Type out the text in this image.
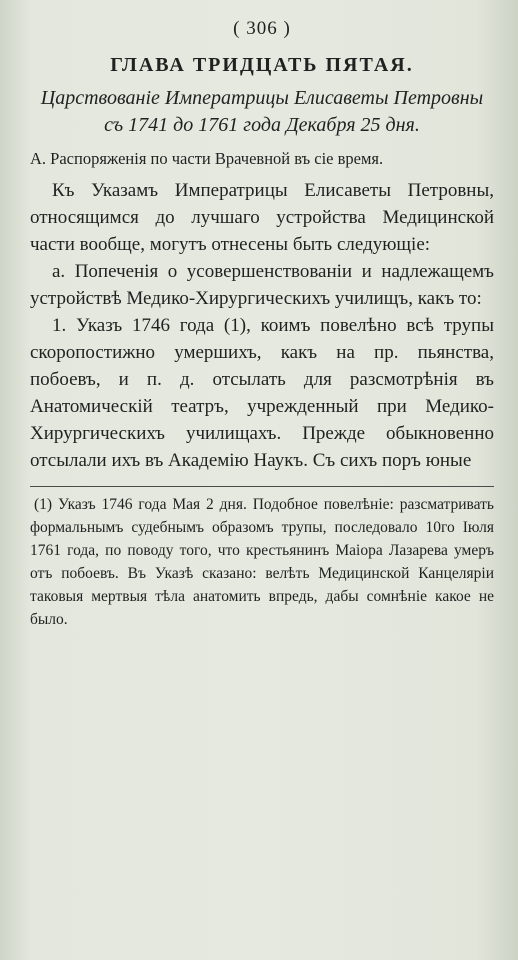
( 306 )

ГЛАВА ТРИДЦАТЬ ПЯТАЯ.

Царствованіе Императрицы Елисаветы Петровны съ 1741 до 1761 года Декабря 25 дня.

А. Распоряженія по части Врачевной въ сіе время.

Къ Указамъ Императрицы Елисаветы Петровны, относящимся до лучшаго устройства Медицинской части вообще, могутъ отнесены быть следующіе:

а. Попеченія о усовершенствованіи и надлежащемъ устройствѣ Медико-Хирургическихъ училищъ, какъ то:

1. Указъ 1746 года (1), коимъ повелѣно всѣ трупы скоропостижно умершихъ, какъ на пр. пьянства, побоевъ, и п. д. отсылать для разсмотрѣнія въ Анатомическій театръ, учрежденный при Медико-Хирургическихъ училищахъ. Прежде обыкновенно отсылали ихъ въ Академію Наукъ. Съ сихъ поръ юные

(1) Указъ 1746 года Мая 2 дня. Подобное повелѣніе: разсматривать формальнымъ судебнымъ образомъ трупы, последовало 10го Іюля 1761 года, по поводу того, что крестьянинъ Маіора Лазарева умеръ отъ побоевъ. Въ Указѣ сказано: велѣть Медицинской Канцеляріи таковыя мертвыя тѣла анатомить впредь, дабы сомнѣніе какое не было.
